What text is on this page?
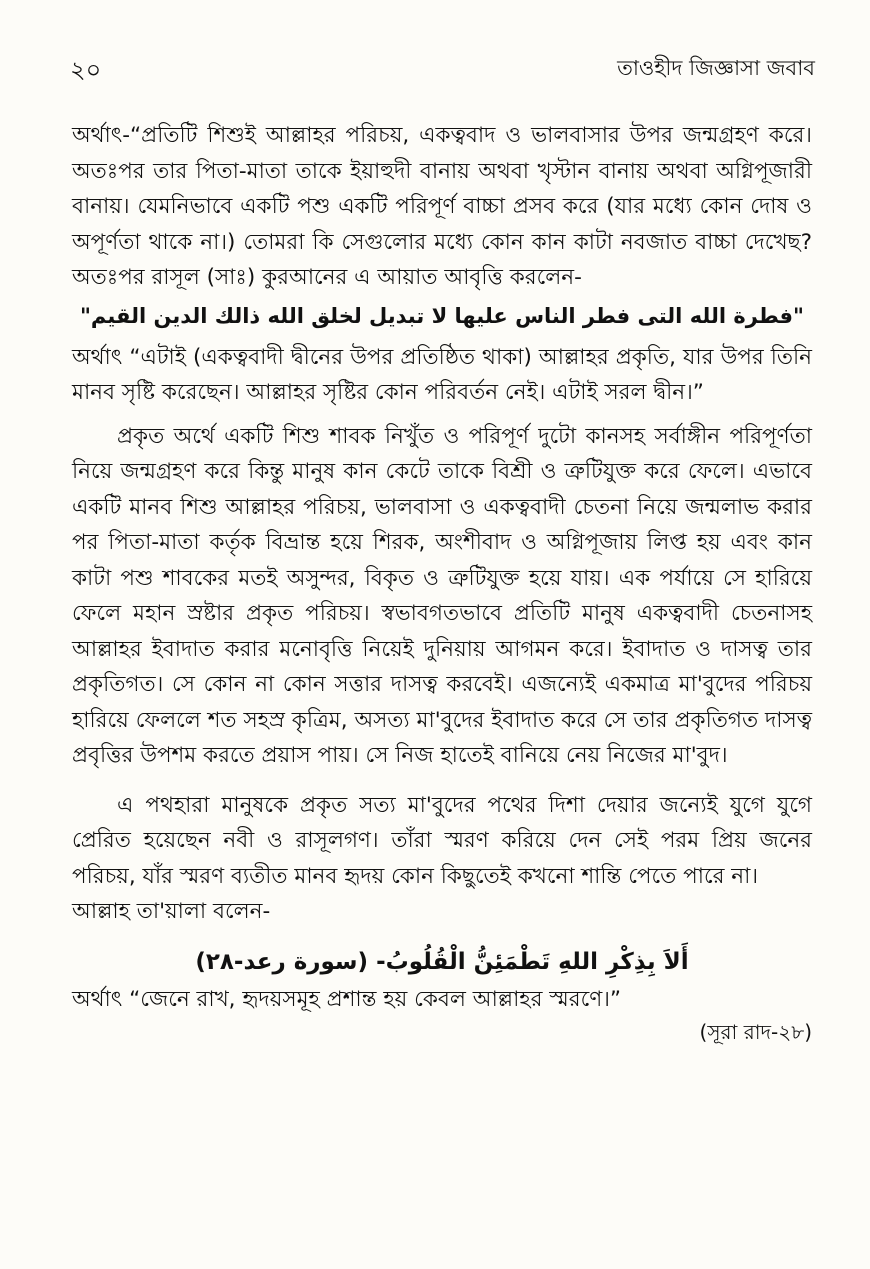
২০	তাওহীদ জিজ্ঞাসা জবাব

অর্থাৎ-“প্রতিটি শিশুই আল্লাহর পরিচয়, একত্ববাদ ও ভালবাসার উপর জন্মগ্রহণ করে। অতঃপর তার পিতা-মাতা তাকে ইয়াহুদী বানায় অথবা খৃস্টান বানায় অথবা অগ্নিপূজারী বানায়। যেমনিভাবে একটি পশু একটি পরিপূর্ণ বাচ্চা প্রসব করে (যার মধ্যে কোন দোষ ও অপূর্ণতা থাকে না।) তোমরা কি সেগুলোর মধ্যে কোন কান কাটা নবজাত বাচ্চা দেখেছ? অতঃপর রাসূল (সাঃ) কুরআনের এ আয়াত আবৃত্তি করলেন-

"فطرة الله التى فطر الناس عليها لا تبديل لخلق الله ذالك الدين القيم"

অর্থাৎ “এটাই (একত্ববাদী দ্বীনের উপর প্রতিষ্ঠিত থাকা) আল্লাহর প্রকৃতি, যার উপর তিনি মানব সৃষ্টি করেছেন। আল্লাহর সৃষ্টির কোন পরিবর্তন নেই। এটাই সরল দ্বীন।”

প্রকৃত অর্থে একটি শিশু শাবক নিখুঁত ও পরিপূর্ণ দুটো কানসহ সর্বাঙ্গীন পরিপূর্ণতা নিয়ে জন্মগ্রহণ করে কিন্তু মানুষ কান কেটে তাকে বিশ্রী ও ত্রুটিযুক্ত করে ফেলে। এভাবে একটি মানব শিশু আল্লাহর পরিচয়, ভালবাসা ও একত্ববাদী চেতনা নিয়ে জন্মলাভ করার পর পিতা-মাতা কর্তৃক বিভ্রান্ত হয়ে শিরক, অংশীবাদ ও অগ্নিপূজায় লিপ্ত হয় এবং কান কাটা পশু শাবকের মতই অসুন্দর, বিকৃত ও ত্রুটিযুক্ত হয়ে যায়। এক পর্যায়ে সে হারিয়ে ফেলে মহান স্রষ্টার প্রকৃত পরিচয়। স্বভাবগতভাবে প্রতিটি মানুষ একত্ববাদী চেতনাসহ আল্লাহর ইবাদাত করার মনোবৃত্তি নিয়েই দুনিয়ায় আগমন করে। ইবাদাত ও দাসত্ব তার প্রকৃতিগত। সে কোন না কোন সত্তার দাসত্ব করবেই। এজন্যেই একমাত্র মা'বুদের পরিচয় হারিয়ে ফেললে শত সহস্র কৃত্রিম, অসত্য মা'বুদের ইবাদাত করে সে তার প্রকৃতিগত দাসত্ব প্রবৃত্তির উপশম করতে প্রয়াস পায়। সে নিজ হাতেই বানিয়ে নেয় নিজের মা'বুদ।

এ পথহারা মানুষকে প্রকৃত সত্য মা'বুদের পথের দিশা দেয়ার জন্যেই যুগে যুগে প্রেরিত হয়েছেন নবী ও রাসূলগণ। তাঁরা স্মরণ করিয়ে দেন সেই পরম প্রিয় জনের পরিচয়, যাঁর স্মরণ ব্যতীত মানব হৃদয় কোন কিছুতেই কখনো শান্তি পেতে পারে না।

আল্লাহ তা'য়ালা বলেন-

أَلاَ بِذِكْرِ اللهِ تَطْمَئِنُّ الْقُلُوبُ- (سورة رعد-٢٨)

অর্থাৎ “জেনে রাখ, হৃদয়সমূহ প্রশান্ত হয় কেবল আল্লাহর স্মরণে।”

(সূরা রাদ-২৮)
